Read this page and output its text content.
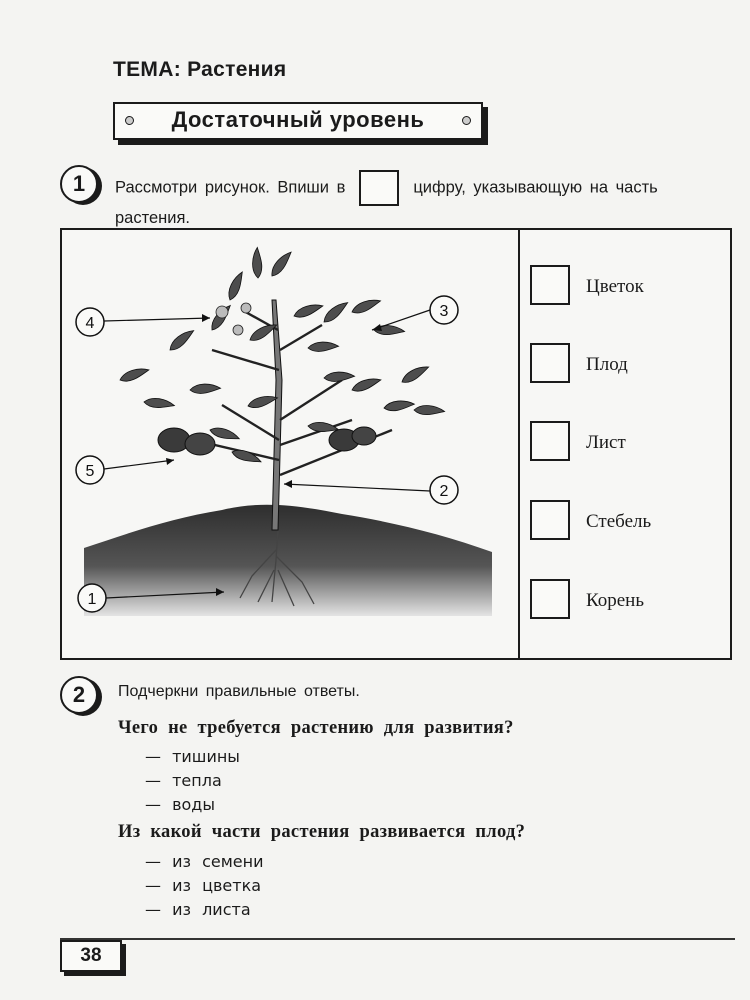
ТЕМА: Растения
Достаточный уровень
1	Рассмотри рисунок. Впиши в	цифру, указывающую на часть растения.
4
5
3
2
1
Цветок
Плод
Лист
Стебель
Корень
2	Подчеркни правильные ответы.
Чего не требуется растению для развития?
— тишины
— тепла
— воды
Из какой части растения развивается плод?
— из семени
— из цветка
— из листа
38
